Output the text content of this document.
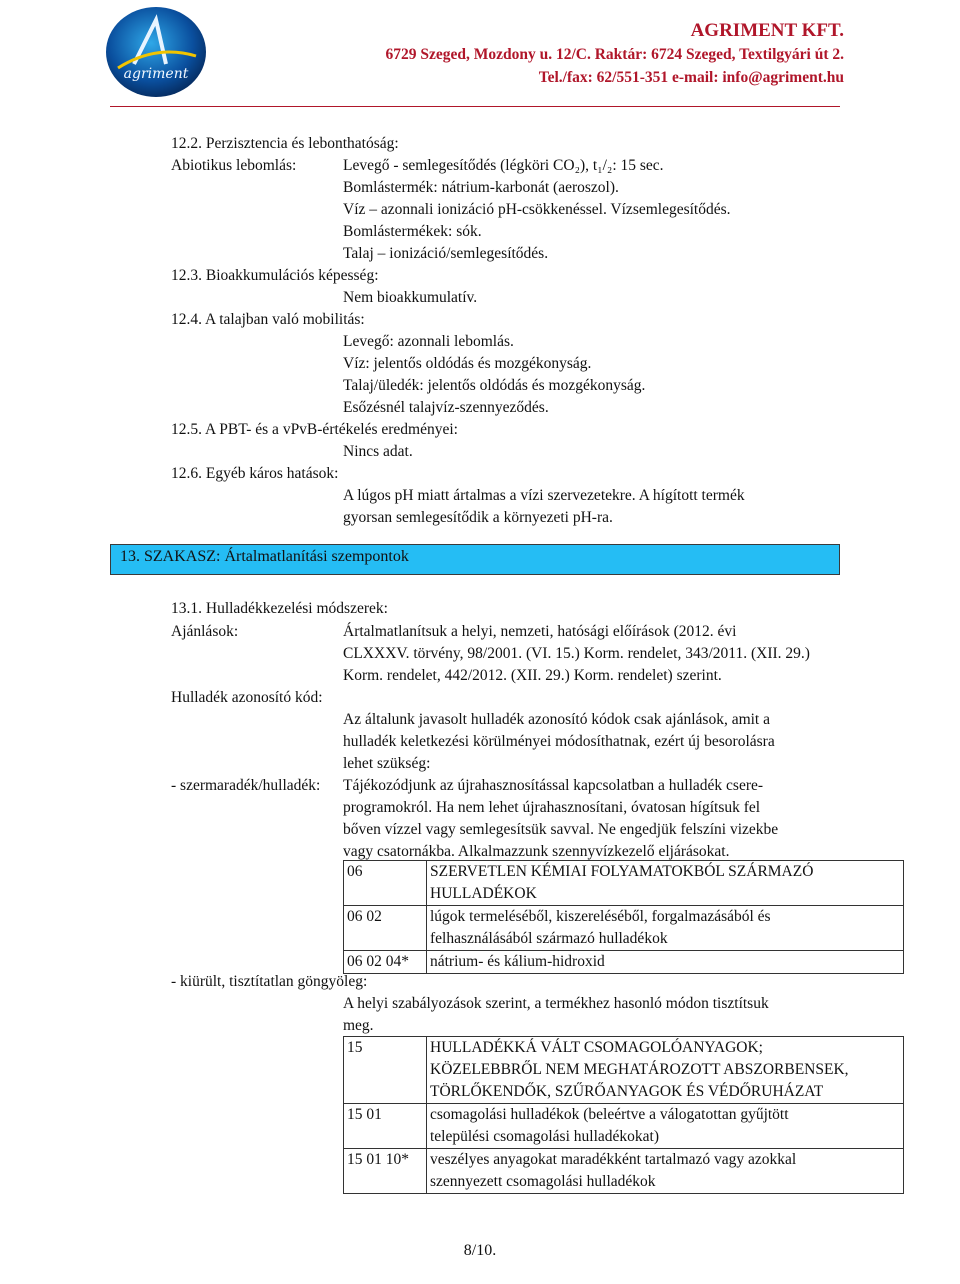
agriment
AGRIMENT KFT.
6729 Szeged, Mozdony u. 12/C. Raktár: 6724 Szeged, Textilgyári út 2.
Tel./fax: 62/551-351 e-mail: info@agriment.hu
12.2. Perzisztencia és lebonthatóság:
Abiotikus lebomlás:	Levegő - semlegesítődés (légköri CO₂), t₁/₂: 15 sec.
Bomlástermék: nátrium-karbonát (aeroszol).
Víz – azonnali ionizáció pH-csökkenéssel. Vízsemlegesítődés.
Bomlástermékek: sók.
Talaj – ionizáció/semlegesítődés.
12.3. Bioakkumulációs képesség:
Nem bioakkumulatív.
12.4. A talajban való mobilitás:
Levegő: azonnali lebomlás.
Víz: jelentős oldódás és mozgékonyság.
Talaj/üledék: jelentős oldódás és mozgékonyság.
Esőzésnél talajvíz-szennyeződés.
12.5. A PBT- és a vPvB-értékelés eredményei:
Nincs adat.
12.6. Egyéb káros hatások:
A lúgos pH miatt ártalmas a vízi szervezetekre. A hígított termék
gyorsan semlegesítődik a környezeti pH-ra.
13. SZAKASZ: Ártalmatlanítási szempontok
13.1. Hulladékkezelési módszerek:
Ajánlások:	Ártalmatlanítsuk a helyi, nemzeti, hatósági előírások (2012. évi
CLXXXV. törvény, 98/2001. (VI. 15.) Korm. rendelet, 343/2011. (XII. 29.)
Korm. rendelet, 442/2012. (XII. 29.) Korm. rendelet) szerint.
Hulladék azonosító kód:
Az általunk javasolt hulladék azonosító kódok csak ajánlások, amit a
hulladék keletkezési körülményei módosíthatnak, ezért új besorolásra
lehet szükség:
- szermaradék/hulladék: Tájékozódjunk az újrahasznosítással kapcsolatban a hulladék csere-
programokról. Ha nem lehet újrahasznosítani, óvatosan hígítsuk fel
bőven vízzel vagy semlegesítsük savval. Ne engedjük felszíni vizekbe
vagy csatornákba. Alkalmazzunk szennyvízkezelő eljárásokat.
06	SZERVETLEN KÉMIAI FOLYAMATOKBÓL SZÁRMAZÓ
HULLADÉKOK

06 02	lúgok termeléséből, kiszereléséből, forgalmazásából és
felhasználásából származó hulladékok

06 02 04*	nátrium- és kálium-hidroxid
- kiürült, tisztítatlan göngyöleg:
A helyi szabályozások szerint, a termékhez hasonló módon tisztítsuk
meg.
15	HULLADÉKKÁ VÁLT CSOMAGOLÓANYAGOK;
KÖZELEBBRŐL NEM MEGHATÁROZOTT ABSZORBENSEK,
TÖRLŐKENDŐK, SZŰRŐANYAGOK ÉS VÉDŐRUHÁZAT

15 01	csomagolási hulladékok (beleértve a válogatottan gyűjtött
települési csomagolási hulladékokat)

15 01 10*	veszélyes anyagokat maradékként tartalmazó vagy azokkal
szennyezett csomagolási hulladékok
8/10.
